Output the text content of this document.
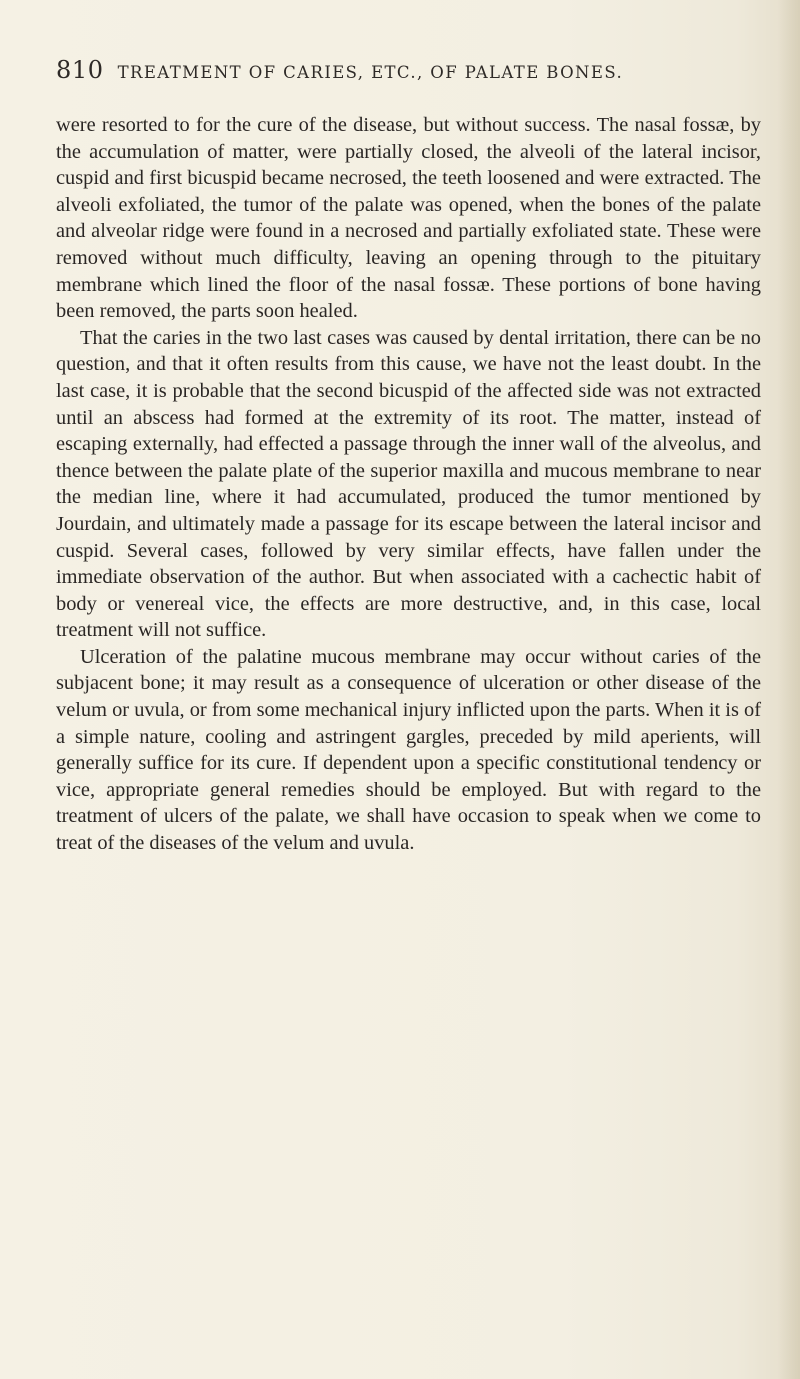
810 TREATMENT OF CARIES, ETC., OF PALATE BONES.

were resorted to for the cure of the disease, but without success. The nasal fossæ, by the accumulation of matter, were partially closed, the alveoli of the lateral incisor, cuspid and first bicuspid became necrosed, the teeth loosened and were extracted. The alveoli exfoliated, the tumor of the palate was opened, when the bones of the palate and alveolar ridge were found in a necrosed and partially exfoliated state. These were removed without much difficulty, leaving an opening through to the pituitary membrane which lined the floor of the nasal fossæ. These portions of bone having been removed, the parts soon healed.

That the caries in the two last cases was caused by dental irritation, there can be no question, and that it often results from this cause, we have not the least doubt. In the last case, it is probable that the second bicuspid of the affected side was not extracted until an abscess had formed at the extremity of its root. The matter, instead of escaping externally, had effected a passage through the inner wall of the alveolus, and thence between the palate plate of the superior maxilla and mucous membrane to near the median line, where it had accumulated, produced the tumor mentioned by Jourdain, and ultimately made a passage for its escape between the lateral incisor and cuspid. Several cases, followed by very similar effects, have fallen under the immediate observation of the author. But when associated with a cachectic habit of body or venereal vice, the effects are more destructive, and, in this case, local treatment will not suffice.

Ulceration of the palatine mucous membrane may occur without caries of the subjacent bone; it may result as a consequence of ulceration or other disease of the velum or uvula, or from some mechanical injury inflicted upon the parts. When it is of a simple nature, cooling and astringent gargles, preceded by mild aperients, will generally suffice for its cure. If dependent upon a specific constitutional tendency or vice, appropriate general remedies should be employed. But with regard to the treatment of ulcers of the palate, we shall have occasion to speak when we come to treat of the diseases of the velum and uvula.
